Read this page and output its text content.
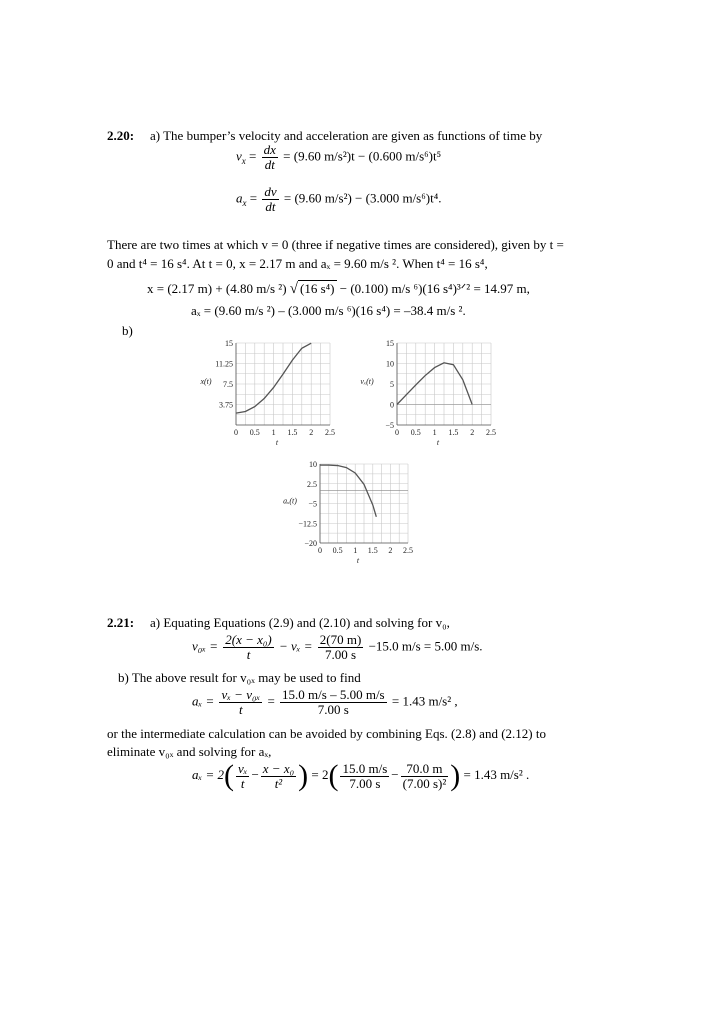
2.20: a) The bumper’s velocity and acceleration are given as functions of time by
$v_x = \frac{dx}{dt} = (9.60$ m/s²)t − (0.600 m/s⁶)t⁵
$a_x = \frac{dv}{dt} = (9.60$ m/s²) − (3.000 m/s⁶)t⁴.
There are two times at which v = 0 (three if negative times are considered), given by t =
0 and t⁴ = 16 s⁴. At t = 0, x = 2.17 m and aₓ = 9.60 m/s ². When t⁴ = 16 s⁴,
x = (2.17 m) + (4.80 m/s ²) √ (16 s⁴) − (0.100) m/s ⁶)(16 s⁴)³ᐟ² = 14.97 m,
aₓ = (9.60 m/s ²) – (3.000 m/s ⁶)(16 s⁴) = –38.4 m/s ².
b)
0 0.5 1 1.5 2 2.5
3.75
7.5
11.25
15
t
x(t)
0 0.5 1 1.5 2 2.5
−5
0
5
10
15
t
vₓ(t)
0 0.5 1 1.5 2 2.5
−20
−12.5
−5
2.5
10
t
aₓ(t)
2.21: a) Equating Equations (2.9) and (2.10) and solving for v₀,
$v_{0x} = \frac{\text{2(x − x₀)}}{t} - v_x = \frac{2(70 m)}{7.00 s} -15.0$ m/s = 5.00 m/s.
b) The above result for v₀ₓ may be used to find
$a_x = \frac{\text{vₓ − v₀ₓ}}{t} = \frac{15.0 m/s - 5.00 m/s}{7.00 s} = 1.43$ m/s² ,
or the intermediate calculation can be avoided by combining Eqs. (2.8) and (2.12) to
eliminate v₀ₓ and solving for aₓ,
$a_x = 2( \frac{\text{vₓ}}{t} - \frac{\text{x − x₀}}{\text{t²}}$ ) = $2( \frac{15.0 m/s}{7.00 s} - \frac{70.0 m}{\text{(7.00 s)²}}$ ) = 1.43 m/s² .
